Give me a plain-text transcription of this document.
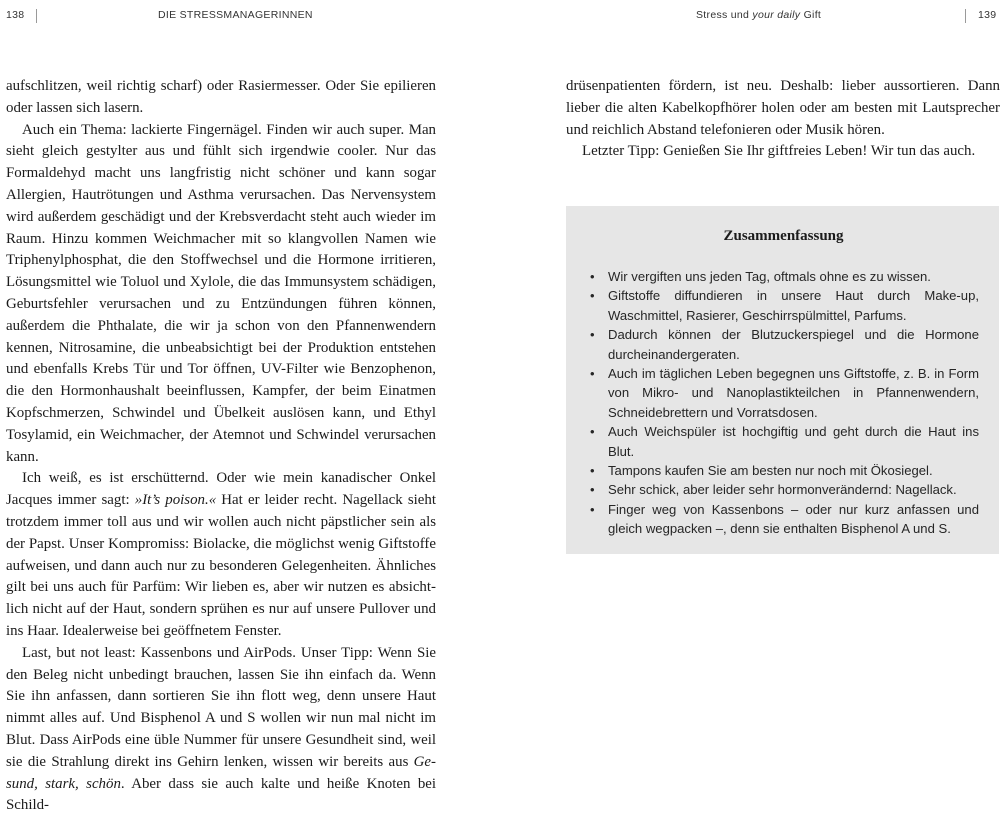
138	DIE STRESSMANAGERINNEN

aufschlitzen, weil richtig scharf) oder Rasiermesser. Oder Sie epilieren oder lassen sich lasern.

Auch ein Thema: lackierte Fingernägel. Finden wir auch super. Man sieht gleich gestylter aus und fühlt sich irgendwie cooler. Nur das Formaldehyd macht uns langfristig nicht schöner und kann sogar Allergien, Hautrötungen und Asthma verursachen. Das Nervensystem wird außerdem geschädigt und der Krebsverdacht steht auch wieder im Raum. Hinzu kommen Weichmacher mit so klangvollen Namen wie Triphenylphosphat, die den Stoffwechsel und die Hormone irritieren, Lösungsmittel wie Toluol und Xylole, die das Immunsystem schädigen, Geburtsfehler verursachen und zu Entzündungen führen können, außerdem die Phthalate, die wir ja schon von den Pfannenwendern kennen, Nitrosamine, die unbeabsichtigt bei der Produktion entstehen und ebenfalls Krebs Tür und Tor öffnen, UV-Filter wie Benzophenon, die den Hormonhaushalt beeinflussen, Kampfer, der beim Einatmen Kopfschmerzen, Schwindel und Übelkeit auslösen kann, und Ethyl Tosylamid, ein Weichmacher, der Atemnot und Schwindel verursachen kann.

Ich weiß, es ist erschütternd. Oder wie mein kanadischer Onkel Jacques immer sagt: »It’s poison.« Hat er leider recht. Nagellack sieht trotzdem immer toll aus und wir wollen auch nicht päpstlicher sein als der Papst. Unser Kompromiss: Biolacke, die möglichst wenig Giftstoffe aufweisen, und dann auch nur zu besonderen Gelegenheiten. Ähnliches gilt bei uns auch für Parfüm: Wir lieben es, aber wir nutzen es absichtlich nicht auf der Haut, sondern sprühen es nur auf unsere Pullover und ins Haar. Idealerweise bei geöffnetem Fenster.

Last, but not least: Kassenbons und AirPods. Unser Tipp: Wenn Sie den Beleg nicht unbedingt brauchen, lassen Sie ihn einfach da. Wenn Sie ihn anfassen, dann sortieren Sie ihn flott weg, denn unsere Haut nimmt alles auf. Und Bisphenol A und S wollen wir nun mal nicht im Blut. Dass AirPods eine üble Nummer für unsere Gesundheit sind, weil sie die Strahlung direkt ins Gehirn lenken, wissen wir bereits aus Gesund, stark, schön. Aber dass sie auch kalte und heiße Knoten bei Schild-

Stress und your daily Gift	139

drüsenpatienten fördern, ist neu. Deshalb: lieber aussortieren. Dann lieber die alten Kabelkopfhörer holen oder am besten mit Lautsprecher und reichlich Abstand telefonieren oder Musik hören.

Letzter Tipp: Genießen Sie Ihr giftfreies Leben! Wir tun das auch.

Zusammenfassung
• Wir vergiften uns jeden Tag, oftmals ohne es zu wissen.
• Giftstoffe diffundieren in unsere Haut durch Make-up, Waschmittel, Rasierer, Geschirrspülmittel, Parfums.
• Dadurch können der Blutzuckerspiegel und die Hormone durcheinandergeraten.
• Auch im täglichen Leben begegnen uns Giftstoffe, z. B. in Form von Mikro- und Nanoplastikteilchen in Pfannenwendern, Schneidebrettern und Vorratsdosen.
• Auch Weichspüler ist hochgiftig und geht durch die Haut ins Blut.
• Tampons kaufen Sie am besten nur noch mit Ökosiegel.
• Sehr schick, aber leider sehr hormonverändernd: Nagellack.
• Finger weg von Kassenbons – oder nur kurz anfassen und gleich wegpacken –, denn sie enthalten Bisphenol A und S.
